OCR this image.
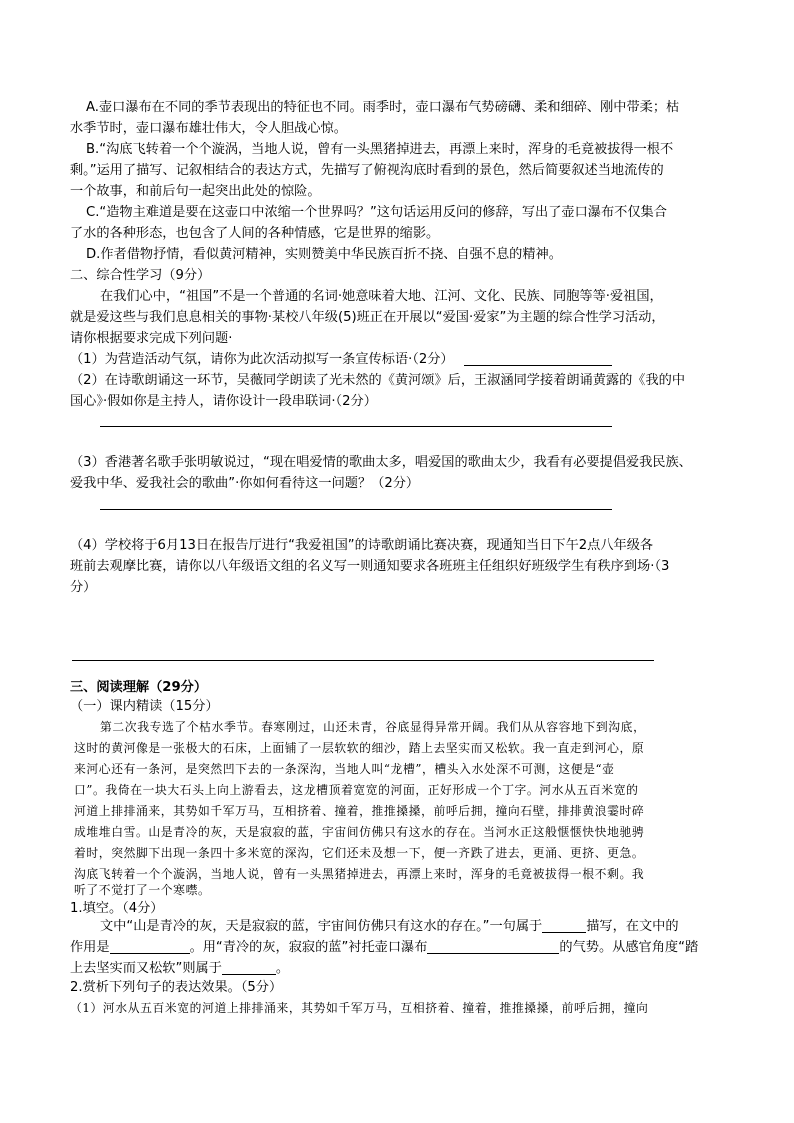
A.壶口瀑布在不同的季节表现出的特征也不同。雨季时，壶口瀑布气势磅礴、柔和细碎、刚中带柔；枯
水季节时，壶口瀑布雄壮伟大，令人胆战心惊。
B.“沟底飞转着一个个漩涡，当地人说，曾有一头黑猪掉进去，再漂上来时，浑身的毛竟被拔得一根不
剩。”运用了描写、记叙相结合的表达方式，先描写了俯视沟底时看到的景色，然后简要叙述当地流传的
一个故事，和前后句一起突出此处的惊险。
C.“造物主难道是要在这壶口中浓缩一个世界吗？”这句话运用反问的修辞，写出了壶口瀑布不仅集合
了水的各种形态，也包含了人间的各种情感，它是世界的缩影。
D.作者借物抒情，看似黄河精神，实则赞美中华民族百折不挠、自强不息的精神。
二、综合性学习（9分）
在我们心中，“祖国”不是一个普通的名词·她意味着大地、江河、文化、民族、同胞等等·爱祖国，
就是爱这些与我们息息相关的事物·某校八年级(5)班正在开展以“爱国·爱家”为主题的综合性学习活动，
请你根据要求完成下列问题·
（1）为营造活动气氛，请你为此次活动拟写一条宣传标语·（2分）
（2）在诗歌朗诵这一环节，吴薇同学朗读了光未然的《黄河颂》后，王淑涵同学接着朗诵黄露的《我的中
国心》·假如你是主持人，请你设计一段串联词·（2分）
（3）香港著名歌手张明敏说过，“现在唱爱情的歌曲太多，唱爱国的歌曲太少，我看有必要提倡爱我民族、
爱我中华、爱我社会的歌曲”·你如何看待这一问题？（2分）
（4）学校将于6月13日在报告厅进行“我爱祖国”的诗歌朗诵比赛决赛，现通知当日下午2点八年级各
班前去观摩比赛，请你以八年级语文组的名义写一则通知要求各班班主任组织好班级学生有秩序到场·（3
分）
三、阅读理解（29分）
（一）课内精读（15分）
第二次我专选了个枯水季节。春寒刚过，山还未青，谷底显得异常开阔。我们从从容容地下到沟底，
这时的黄河像是一张极大的石床，上面铺了一层软软的细沙，踏上去坚实而又松软。我一直走到河心，原
来河心还有一条河，是突然凹下去的一条深沟，当地人叫“龙槽”，槽头入水处深不可测，这便是“壶
口”。我倚在一块大石头上向上游看去，这龙槽顶着宽宽的河面，正好形成一个丁字。河水从五百米宽的
河道上排排涌来，其势如千军万马，互相挤着、撞着，推推搡搡，前呼后拥，撞向石壁，排排黄浪霎时碎
成堆堆白雪。山是青冷的灰，天是寂寂的蓝，宇宙间仿佛只有这水的存在。当河水正这般惬惬快快地驰骋
着时，突然脚下出现一条四十多米宽的深沟，它们还未及想一下，便一齐跌了进去，更涌、更挤、更急。
沟底飞转着一个个漩涡，当地人说，曾有一头黑猪掉进去，再漂上来时，浑身的毛竟被拔得一根不剩。我
听了不觉打了一个寒噤。
1.填空。（4分）
文中“山是青冷的灰，天是寂寂的蓝，宇宙间仿佛只有这水的存在。”一句属于	描写，在文中的
作用是	。用“青冷的灰，寂寂的蓝”衬托壶口瀑布	的气势。从感官角度“踏
上去坚实而又松软”则属于	。
2.赏析下列句子的表达效果。（5分）
（1）河水从五百米宽的河道上排排涌来，其势如千军万马，互相挤着、撞着，推推搡搡，前呼后拥，撞向
